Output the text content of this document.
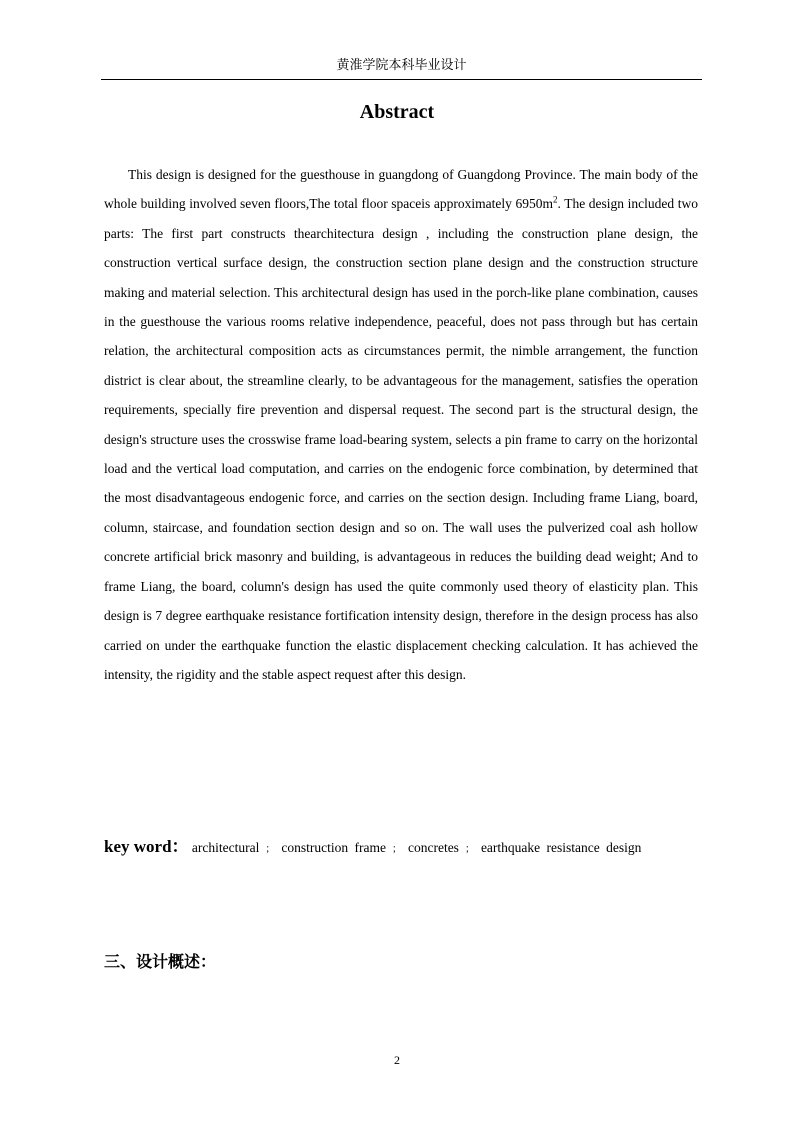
黄淮学院本科毕业设计
Abstract

This design is designed for the guesthouse in guangdong of Guangdong Province. The main body of the whole building involved seven floors,The total floor spaceis approximately $6950m^2$. The design included two parts: The first part constructs thearchitectura design , including the construction plane design, the construction vertical surface design, the construction section plane design and the construction structure making and material selection. This architectural design has used in the porch-like plane combination, causes in the guesthouse the various rooms relative independence, peaceful, does not pass through but has certain relation, the architectural composition acts as circumstances permit, the nimble arrangement, the function district is clear about, the streamline clearly, to be advantageous for the management, satisfies the operation requirements, specially fire prevention and dispersal request. The second part is the structural design, the design's structure uses the crosswise frame load-bearing system, selects a pin frame to carry on the horizontal load and the vertical load computation, and carries on the endogenic force combination, by determined that the most disadvantageous endogenic force, and carries on the section design. Including frame Liang, board, column, staircase, and foundation section design and so on. The wall uses the pulverized coal ash hollow concrete artificial brick masonry and building, is advantageous in reduces the building dead weight; And to frame Liang, the board, column's design has used the quite commonly used theory of elasticity plan. This design is 7 degree earthquake resistance fortification intensity design, therefore in the design process has also carried on under the earthquake function the elastic displacement checking calculation. It has achieved the intensity, the rigidity and the stable aspect request after this design.

key word： architectural ； construction frame ； concretes ； earthquake resistance design
三、设计概述：
2
